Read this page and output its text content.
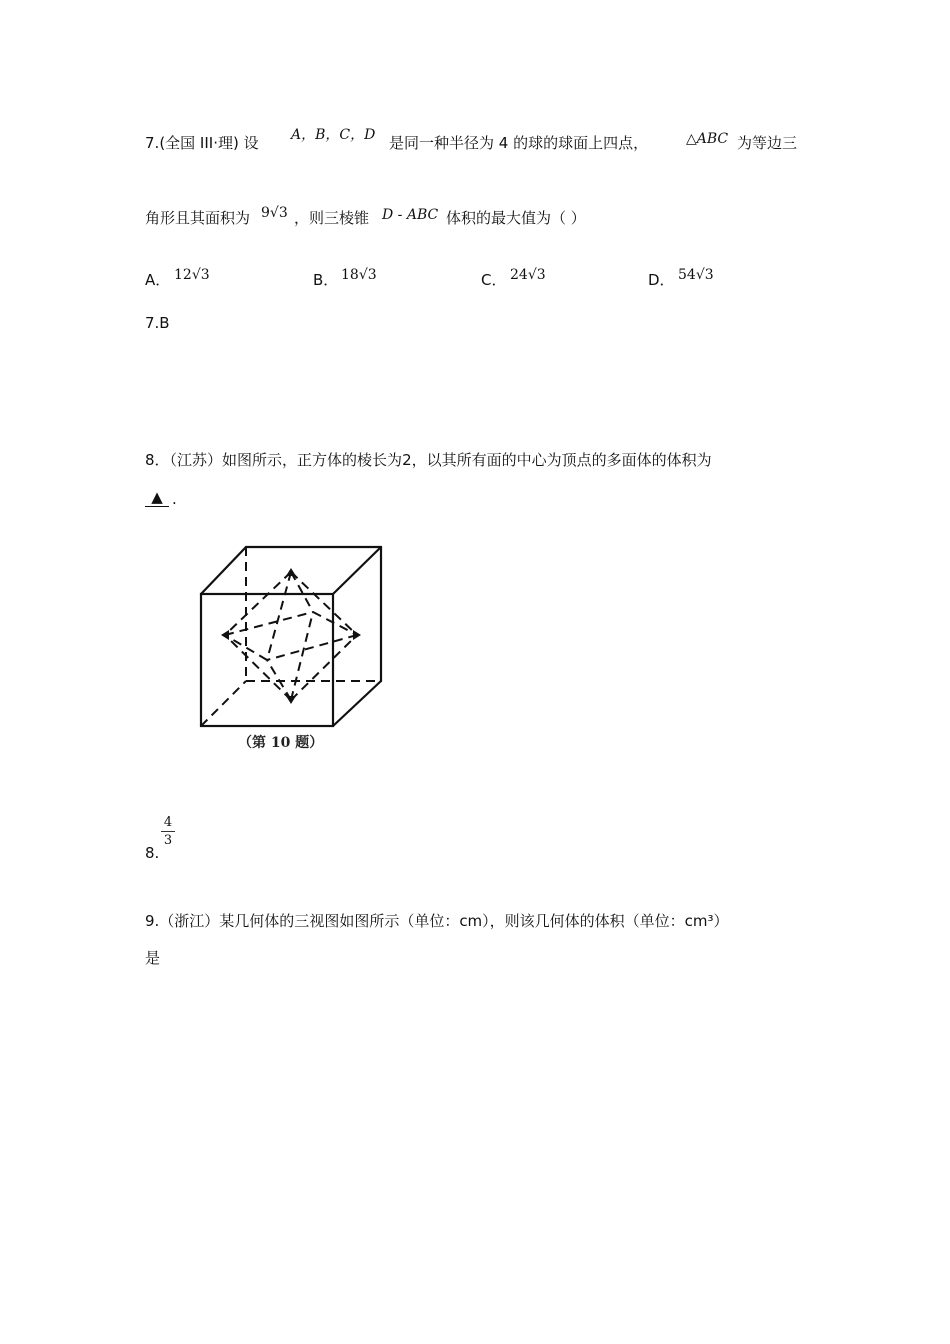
7.(全国 III·理) 设 A，B，C，D 是同一种半径为 4 的球的球面上四点，	△ABC 为等边三
角形且其面积为 9√3 ，则三棱锥 D - ABC 体积的最大值为（ ）
A． 12√3	B． 18√3	C． 24√3	D． 54√3
7.B
8．（江苏）如图所示，正方体的棱长为2，以其所有面的中心为顶点的多面体的体积为
▲ .
（第 10 题）
8.
4
3
9.（浙江）某几何体的三视图如图所示（单位：cm），则该几何体的体积（单位：cm³）
是
